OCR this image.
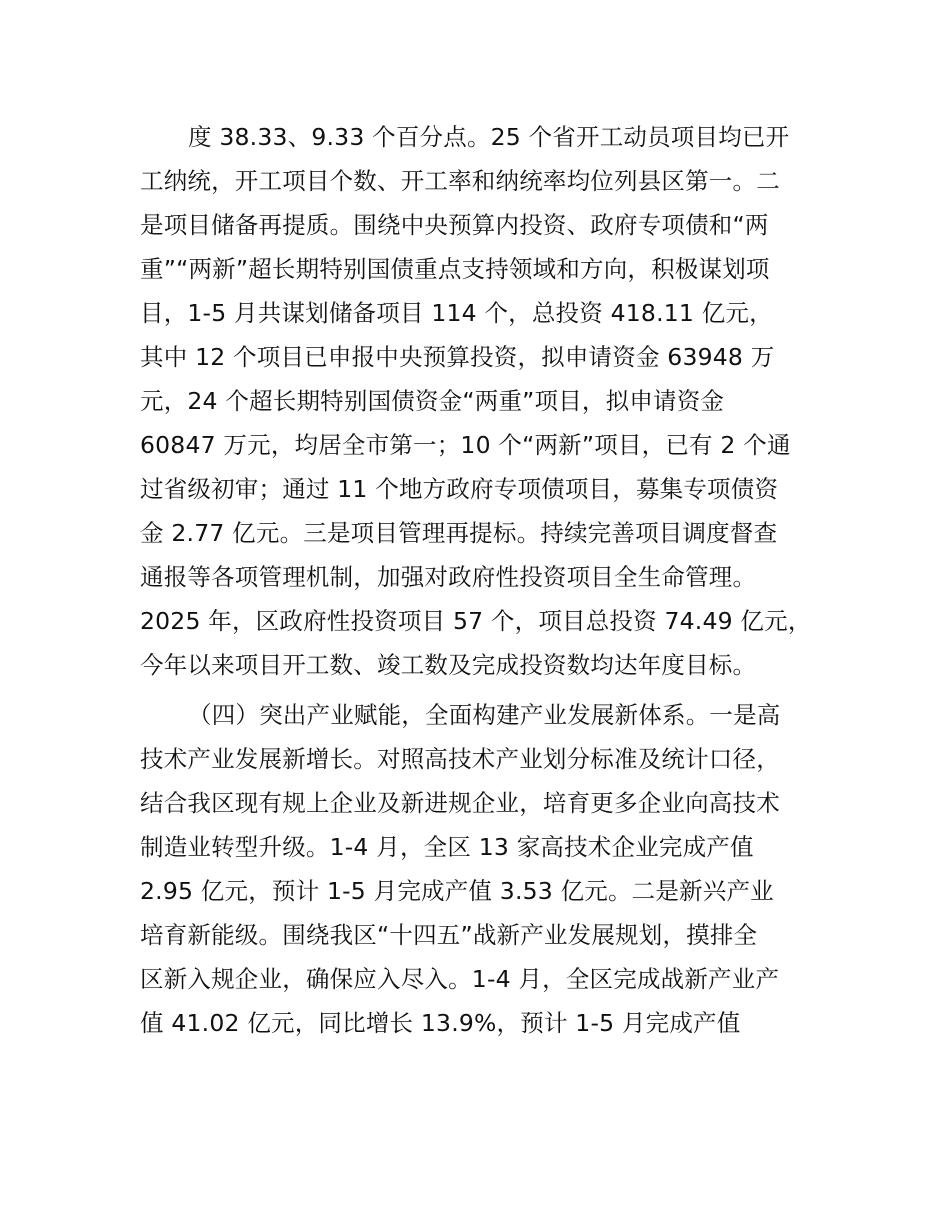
度 38.33、9.33 个百分点。25 个省开工动员项目均已开
工纳统，开工项目个数、开工率和纳统率均位列县区第一。二
是项目储备再提质。围绕中央预算内投资、政府专项债和“两
重”“两新”超长期特别国债重点支持领域和方向，积极谋划项
目，1-5 月共谋划储备项目 114 个，总投资 418.11 亿元，
其中 12 个项目已申报中央预算投资，拟申请资金 63948 万
元，24 个超长期特别国债资金“两重”项目，拟申请资金
60847 万元，均居全市第一；10 个“两新”项目，已有 2 个通
过省级初审；通过 11 个地方政府专项债项目，募集专项债资
金 2.77 亿元。三是项目管理再提标。持续完善项目调度督查
通报等各项管理机制，加强对政府性投资项目全生命管理。
2025 年，区政府性投资项目 57 个，项目总投资 74.49 亿元，
今年以来项目开工数、竣工数及完成投资数均达年度目标。
（四）突出产业赋能，全面构建产业发展新体系。一是高
技术产业发展新增长。对照高技术产业划分标准及统计口径，
结合我区现有规上企业及新进规企业，培育更多企业向高技术
制造业转型升级。1-4 月，全区 13 家高技术企业完成产值
2.95 亿元，预计 1-5 月完成产值 3.53 亿元。二是新兴产业
培育新能级。围绕我区“十四五”战新产业发展规划，摸排全
区新入规企业，确保应入尽入。1-4 月，全区完成战新产业产
值 41.02 亿元，同比增长 13.9%，预计 1-5 月完成产值
